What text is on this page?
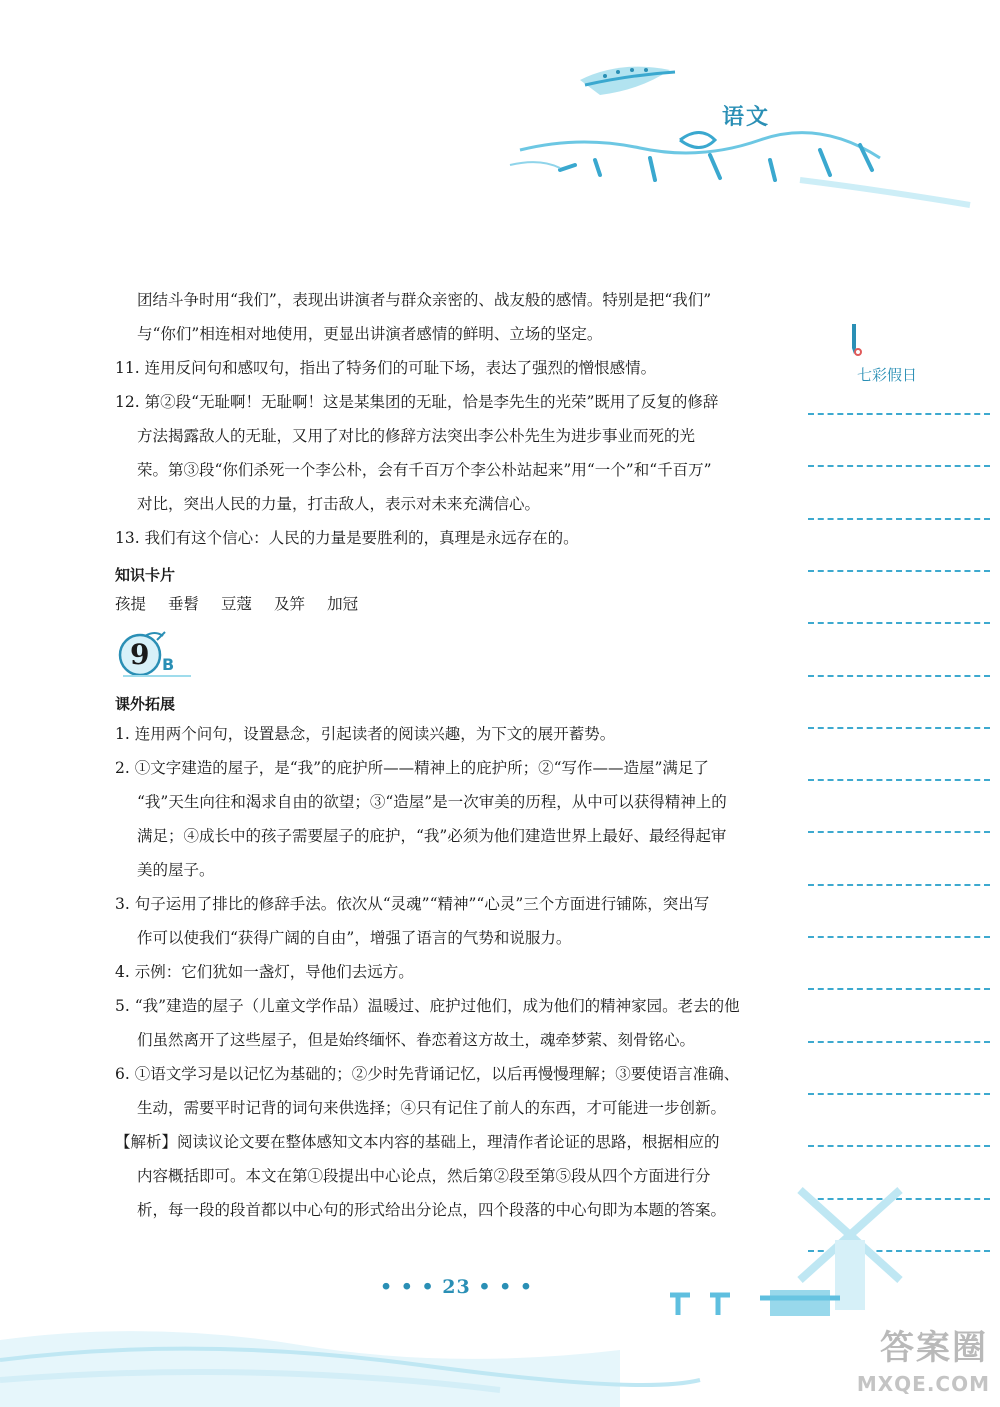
语文
七彩假日
团结斗争时用“我们”，表现出讲演者与群众亲密的、战友般的感情。特别是把“我们”
与“你们”相连相对地使用，更显出讲演者感情的鲜明、立场的坚定。
11. 连用反问句和感叹句，指出了特务们的可耻下场，表达了强烈的憎恨感情。
12. 第②段“无耻啊！无耻啊！这是某集团的无耻，恰是李先生的光荣”既用了反复的修辞
方法揭露敌人的无耻，又用了对比的修辞方法突出李公朴先生为进步事业而死的光
荣。第③段“你们杀死一个李公朴，会有千百万个李公朴站起来”用“一个”和“千百万”
对比，突出人民的力量，打击敌人，表示对未来充满信心。
13. 我们有这个信心：人民的力量是要胜利的，真理是永远存在的。
知识卡片
孩提 垂髫 豆蔻 及笄 加冠
9 B
课外拓展
1. 连用两个问句，设置悬念，引起读者的阅读兴趣，为下文的展开蓄势。
2. ①文字建造的屋子，是“我”的庇护所——精神上的庇护所；②“写作——造屋”满足了
“我”天生向往和渴求自由的欲望；③“造屋”是一次审美的历程，从中可以获得精神上的
满足；④成长中的孩子需要屋子的庇护，“我”必须为他们建造世界上最好、最经得起审
美的屋子。
3. 句子运用了排比的修辞手法。依次从“灵魂”“精神”“心灵”三个方面进行铺陈，突出写
作可以使我们“获得广阔的自由”，增强了语言的气势和说服力。
4. 示例：它们犹如一盏灯，导他们去远方。
5. “我”建造的屋子（儿童文学作品）温暖过、庇护过他们，成为他们的精神家园。老去的他
们虽然离开了这些屋子，但是始终缅怀、眷恋着这方故土，魂牵梦萦、刻骨铭心。
6. ①语文学习是以记忆为基础的；②少时先背诵记忆，以后再慢慢理解；③要使语言准确、
生动，需要平时记背的词句来供选择；④只有记住了前人的东西，才可能进一步创新。
【解析】阅读议论文要在整体感知文本内容的基础上，理清作者论证的思路，根据相应的
内容概括即可。本文在第①段提出中心论点，然后第②段至第⑤段从四个方面进行分
析，每一段的段首都以中心句的形式给出分论点，四个段落的中心句即为本题的答案。
• • • 23 • • •
答案圈
MXQE.COM
